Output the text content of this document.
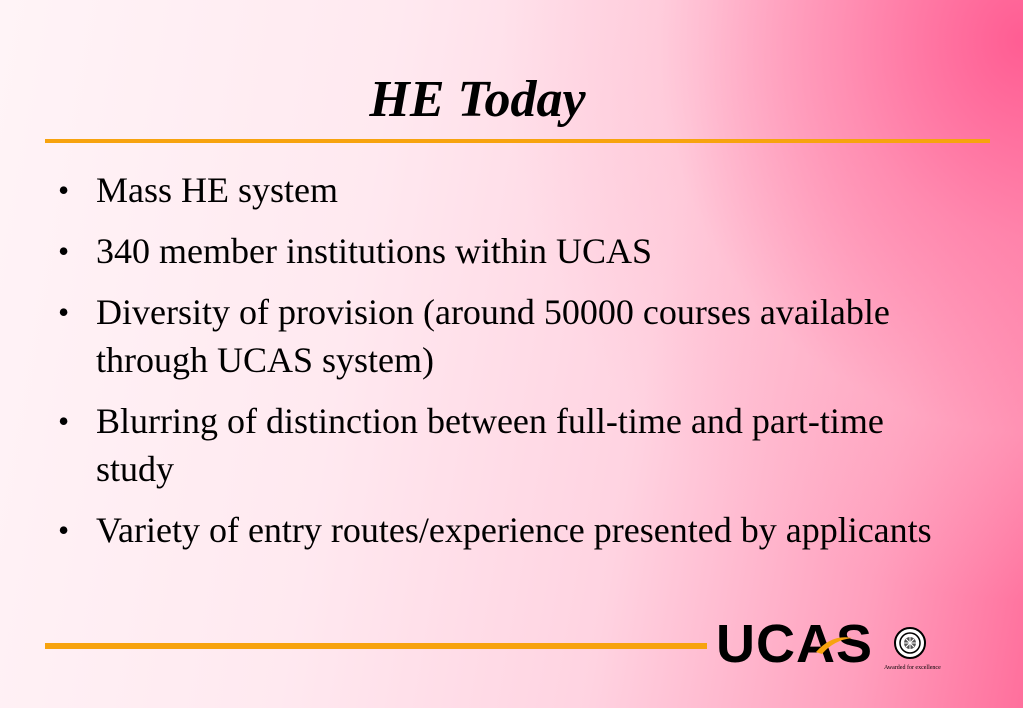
HE Today
• Mass HE system
• 340 member institutions within UCAS
• Diversity of provision (around 50000 courses available through UCAS system)
• Blurring of distinction between full-time and part-time study
• Variety of entry routes/experience presented by applicants
UCAS Awarded for excellence
